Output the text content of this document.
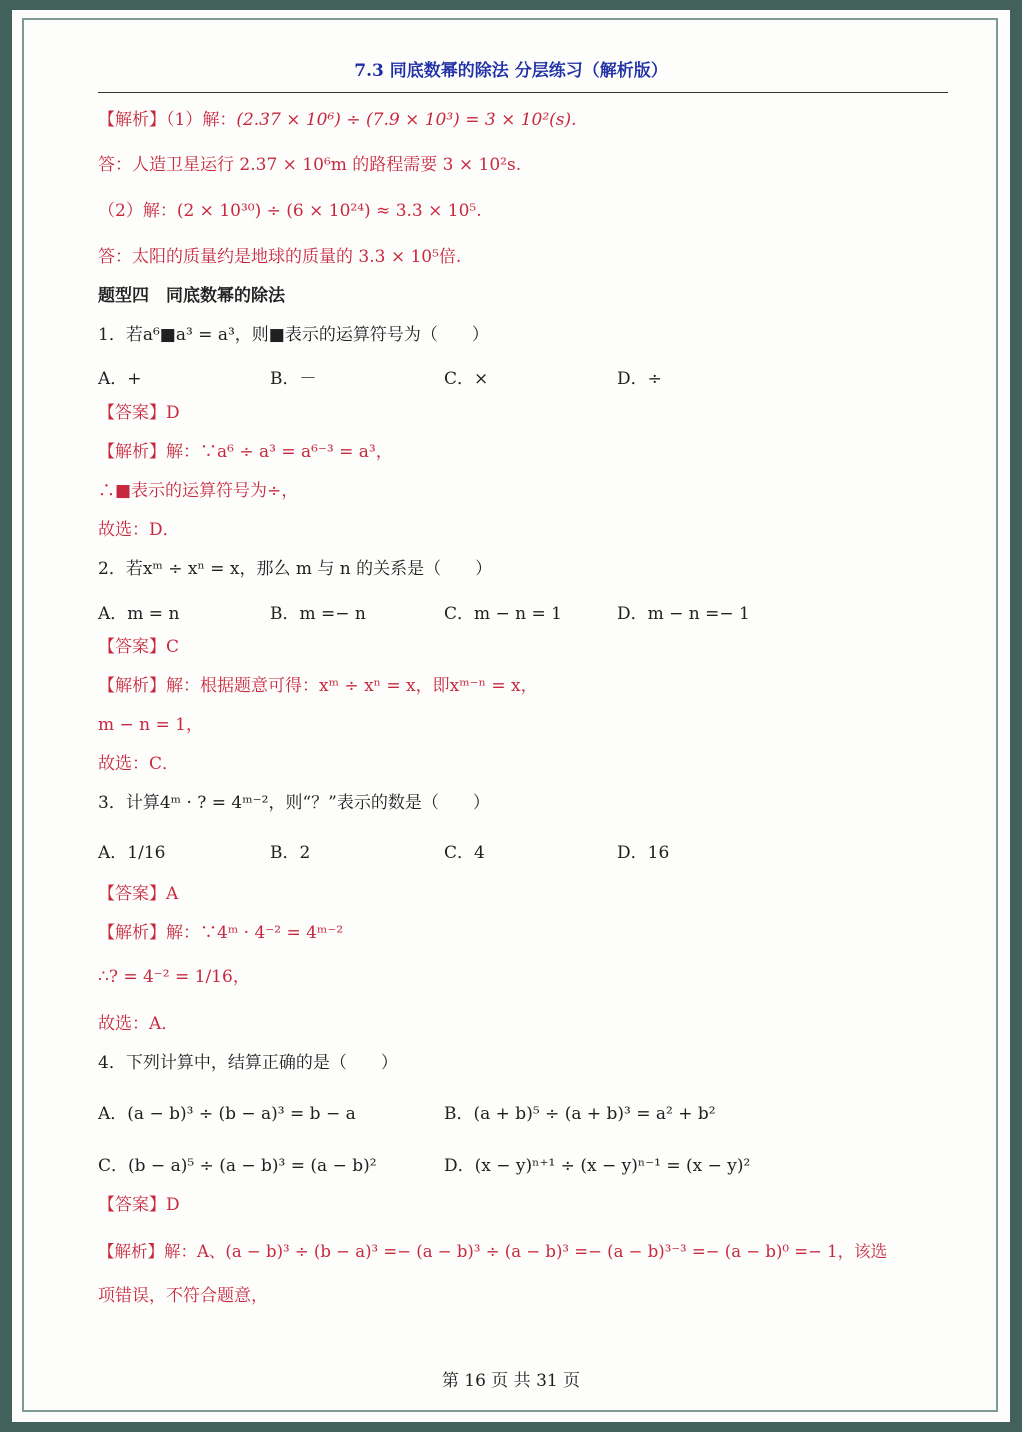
7.3 同底数幂的除法 分层练习（解析版）
【解析】（1）解：(2.37 × 10⁶) ÷ (7.9 × 10³) = 3 × 10²(s).
答：人造卫星运行 2.37 × 10⁶m 的路程需要 3 × 10²s.
（2）解：(2 × 10³⁰) ÷ (6 × 10²⁴) ≈ 3.3 × 10⁵.
答：太阳的质量约是地球的质量的 3.3 × 10⁵倍.
题型四　同底数幂的除法
1．若a⁶■a³ = a³，则■表示的运算符号为（　　）
A．+	B．－	C．×	D．÷
【答案】D
【解析】解：∵a⁶ ÷ a³ = a⁶⁻³ = a³，
∴■表示的运算符号为÷，
故选：D．
2．若xᵐ ÷ xⁿ = x，那么 m 与 n 的关系是（　　）
A．m = n	B．m =− n	C．m − n = 1	D．m − n =− 1
【答案】C
【解析】解：根据题意可得：xᵐ ÷ xⁿ = x，即xᵐ⁻ⁿ = x，
m − n = 1，
故选：C．
3．计算4ᵐ · ? = 4ᵐ⁻²，则“？”表示的数是（　　）
A．1/16	B．2	C．4	D．16
【答案】A
【解析】解：∵4ᵐ · 4⁻² = 4ᵐ⁻²
∴? = 4⁻² = 1/16，
故选：A．
4．下列计算中，结算正确的是（　　）
A．(a − b)³ ÷ (b − a)³ = b − a	B．(a + b)⁵ ÷ (a + b)³ = a² + b²
C．(b − a)⁵ ÷ (a − b)³ = (a − b)²	D．(x − y)ⁿ⁺¹ ÷ (x − y)ⁿ⁻¹ = (x − y)²
【答案】D
【解析】解：A、(a − b)³ ÷ (b − a)³ =− (a − b)³ ÷ (a − b)³ =− (a − b)³⁻³ =− (a − b)⁰ =− 1，该选
项错误，不符合题意，
第 16 页 共 31 页
